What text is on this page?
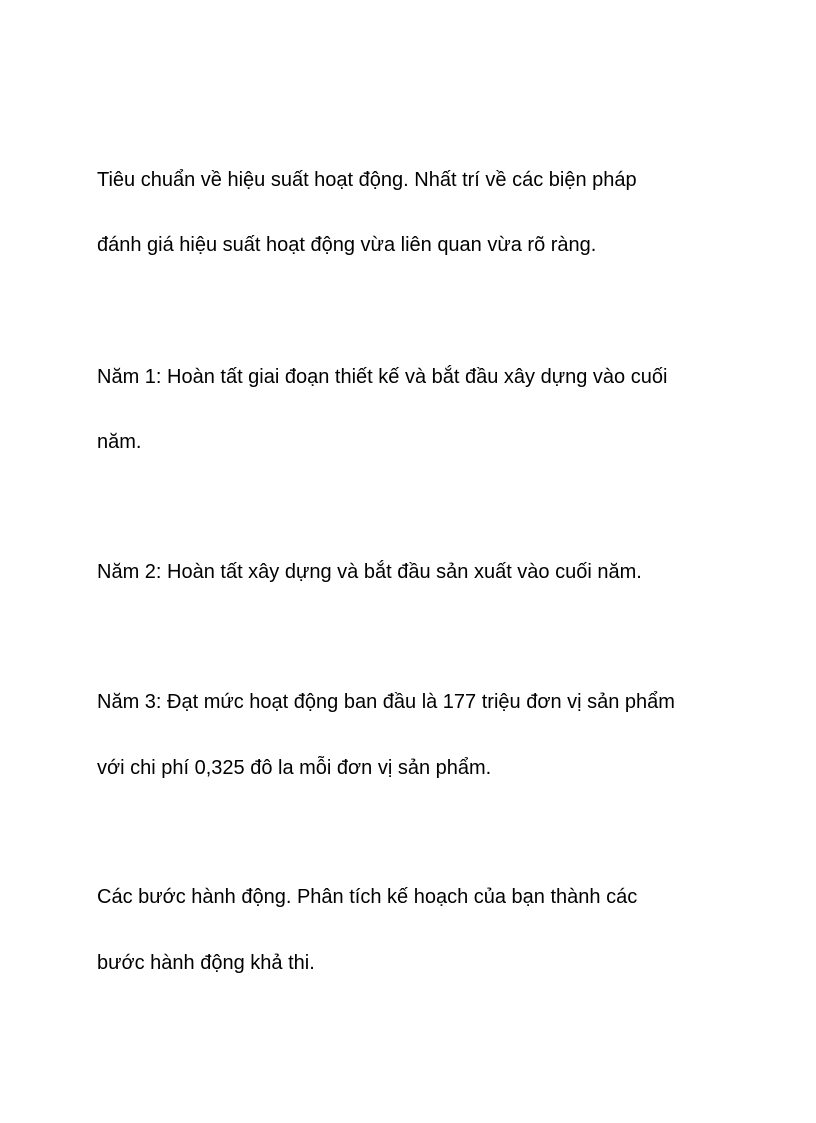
Tiêu chuẩn về hiệu suất hoạt động. Nhất trí về các biện pháp

đánh giá hiệu suất hoạt động vừa liên quan vừa rõ ràng.

Năm 1: Hoàn tất giai đoạn thiết kế và bắt đầu xây dựng vào cuối

năm.

Năm 2: Hoàn tất xây dựng và bắt đầu sản xuất vào cuối năm.

Năm 3: Đạt mức hoạt động ban đầu là 177 triệu đơn vị sản phẩm

với chi phí 0,325 đô la mỗi đơn vị sản phẩm.

Các bước hành động. Phân tích kế hoạch của bạn thành các

bước hành động khả thi.
